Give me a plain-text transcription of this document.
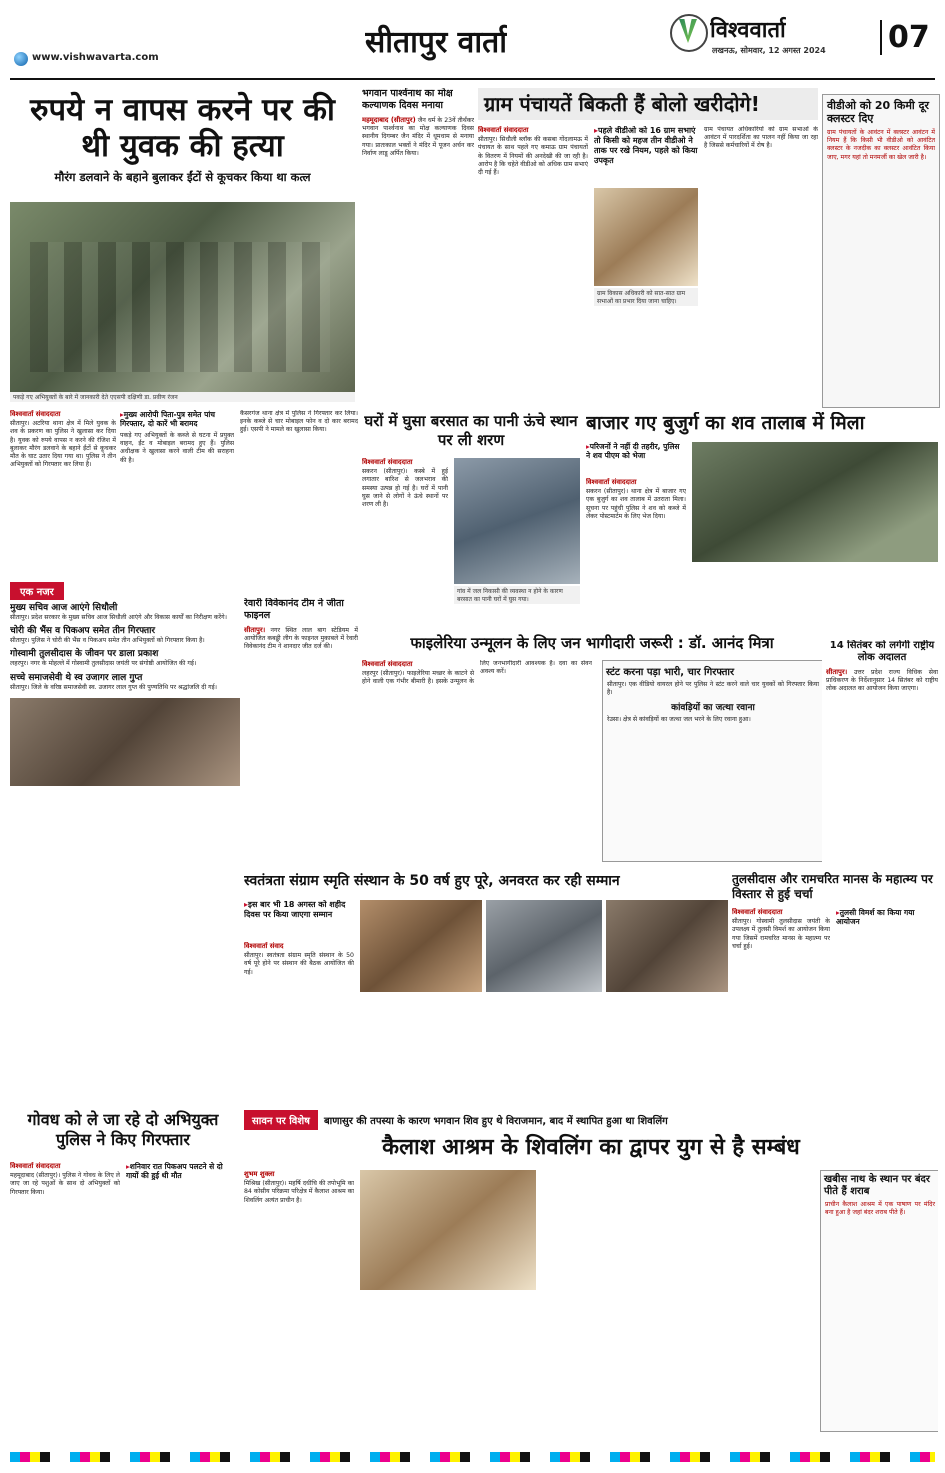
www.vishwavarta.com	सीतापुर वार्ता	विश्ववार्ता
लखनऊ, सोमवार, 12 अगस्त 2024 07
रुपये न वापस करने पर की थी युवक की हत्या
मौरंग डलवाने के बहाने बुलाकर ईंटों से कूचकर किया था कत्ल
पकड़े गए अभियुक्तों के बारे में जानकारी देते एएसपी दक्षिणी डा. प्रवीण रंजन
भगवान पार्श्वनाथ का मोक्ष कल्याणक दिवस मनाया
महमूदाबाद (सीतापुर) जैन धर्म के 23वें तीर्थंकर भगवान पार्श्वनाथ का मोक्ष कल्याणक दिवस स्थानीय दिगम्बर जैन मंदिर में धूमधाम से मनाया गया। प्रातःकाल भक्तों ने मंदिर में पूजन अर्चन कर निर्वाण लाडू अर्पित किया।
ग्राम पंचायतें बिकती हैं बोलो खरीदोगे!
विश्ववार्ता संवाददाता
सीतापुर। सिधौली ब्लॉक की कसबा गोंदलामऊ में पंचायत के साथ पहले गए कमाऊ ग्राम पंचायतों के वितरण में नियमों की अनदेखी की जा रही है। आरोप है कि चहेते वीडीओ को अधिक ग्राम सभाएं दी गई हैं।
▸ पहले वीडीओ को 16 ग्राम सभाएं तो किसी को महज तीन वीडीओ ने ताक पर रखे नियम, पहले को किया उपकृत
ग्राम विकास अधिकारी को सात-सात ग्राम सभाओं का प्रभार दिया जाना चाहिए।
ग्राम पंचायत अधिकारियों को ग्राम सभाओं के आवंटन में पारदर्शिता का पालन नहीं किया जा रहा है जिससे कर्मचारियों में रोष है।
वीडीओ को 20 किमी दूर क्लस्टर दिए
ग्राम पंचायतों के आवंटन में क्लस्टर आवंटन में नियम हैं कि किसी भी वीडीओ को आवंटित क्लस्टर के नजदीक का क्लस्टर आवंटित किया जाए, मगर यहां तो मनमर्जी का खेल जारी है।
विश्ववार्ता संवाददाता
सीतापुर। अटरिया थाना क्षेत्र में मिले युवक के शव के प्रकरण का पुलिस ने खुलासा कर दिया है। युवक को रुपये वापस न करने की रंजिश में बुलाकर मौरंग डलवाने के बहाने ईंटों से कूचकर मौत के घाट उतार दिया गया था। पुलिस ने तीन अभियुक्तों को गिरफ्तार कर लिया है।
▸ मुख्य आरोपी पिता-पुत्र समेत पांच गिरफ्तार, दो कारें भी बरामद
पकड़े गए अभियुक्तों के कब्जे से घटना में प्रयुक्त वाहन, ईंट व मोबाइल बरामद हुए हैं। पुलिस अधीक्षक ने खुलासा करने वाली टीम की सराहना की है।
कैसरगंज थाना क्षेत्र में पुलिस ने गिरफ्तार कर लिया। इनके कब्जे से चार मोबाइल फोन व दो कार बरामद हुई। एसपी ने मामले का खुलासा किया।	घरों में घुसा बरसात का पानी ऊंचे स्थान पर ली शरण
विश्ववार्ता संवाददाता
सकरन (सीतापुर)। कस्बे में हुई लगातार बारिश से जलभराव की समस्या उत्पन्न हो गई है। घरों में पानी घुस जाने से लोगों ने ऊंचे स्थानों पर शरण ली है।
गांव में जल निकासी की व्यवस्था न होने के कारण बरसात का पानी घरों में घुस गया।
बाजार गए बुजुर्ग का शव तालाब में मिला
▸ परिजनों ने नहीं दी तहरीर, पुलिस ने शव पीएम को भेजा
विश्ववार्ता संवाददाता
सकरन (सीतापुर)। थाना क्षेत्र में बाजार गए एक बुजुर्ग का शव तालाब में उतराता मिला। सूचना पर पहुंची पुलिस ने शव को कब्जे में लेकर पोस्टमार्टम के लिए भेज दिया।
एक नजर
मुख्य सचिव आज आएंगे सिधौली
सीतापुर। प्रदेश सरकार के मुख्य सचिव आज सिधौली आएंगे और विकास कार्यों का निरीक्षण करेंगे।
चोरी की भैंस व पिकअप समेत तीन गिरफ्तार
सीतापुर। पुलिस ने चोरी की भैंस व पिकअप समेत तीन अभियुक्तों को गिरफ्तार किया है।
गोस्वामी तुलसीदास के जीवन पर डाला प्रकाश
लहरपुर। नगर के मोहल्ले में गोस्वामी तुलसीदास जयंती पर संगोष्ठी आयोजित की गई।
सच्चे समाजसेवी थे स्व उजागर लाल गुप्त
सीतापुर। जिले के वरिष्ठ समाजसेवी स्व. उजागर लाल गुप्त की पुण्यतिथि पर श्रद्धांजलि दी गई।
रेवारी विवेकानंद टीम ने जीता फाइनल
सीतापुर। नगर स्थित लाल बाग स्टेडियम में आयोजित कबड्डी लीग के फाइनल मुकाबले में रेवारी विवेकानंद टीम ने शानदार जीत दर्ज की।	फाइलेरिया उन्मूलन के लिए जन भागीदारी जरूरी : डॉ. आनंद मित्रा
विश्ववार्ता संवाददाता
लहरपुर (सीतापुर)। फाइलेरिया मच्छर के काटने से होने वाली एक गंभीर बीमारी है। इसके उन्मूलन के लिए जनभागीदारी आवश्यक है। दवा का सेवन अवश्य करें।	स्टंट करना पड़ा भारी, चार गिरफ्तार
सीतापुर। एक वीडियो वायरल होने पर पुलिस ने स्टंट करने वाले चार युवकों को गिरफ्तार किया है।
कांवड़ियों का जत्था रवाना
रेउसा। क्षेत्र से कांवड़ियों का जत्था जल भरने के लिए रवाना हुआ।
14 सितंबर को लगेगी राष्ट्रीय लोक अदालत
सीतापुर। उत्तर प्रदेश राज्य विधिक सेवा प्राधिकरण के निर्देशानुसार 14 सितंबर को राष्ट्रीय लोक अदालत का आयोजन किया जाएगा।
स्वतंत्रता संग्राम स्मृति संस्थान के 50 वर्ष हुए पूरे, अनवरत कर रही सम्मान
▸ इस बार भी 18 अगस्त को शहीद दिवस पर किया जाएगा सम्मान
विश्ववार्ता संवाद
सीतापुर। स्वतंत्रता संग्राम स्मृति संस्थान के 50 वर्ष पूरे होने पर संस्थान की बैठक आयोजित की गई।
तुलसीदास और रामचरित मानस के महात्म्य पर विस्तार से हुई चर्चा
▸ तुलसी विमर्श का किया गया आयोजन
विश्ववार्ता संवाददाता
सीतापुर। गोस्वामी तुलसीदास जयंती के उपलक्ष्य में तुलसी विमर्श का आयोजन किया गया जिसमें रामचरित मानस के महात्म्य पर चर्चा हुई।
गोवध को ले जा रहे दो अभियुक्त पुलिस ने किए गिरफ्तार
विश्ववार्ता संवाददाता
महमूदाबाद (सीतापुर)। पुलिस ने गोवध के लिए ले जाए जा रहे पशुओं के साथ दो अभियुक्तों को गिरफ्तार किया।
▸ शनिवार रात पिकअप पलटने से दो गायों की हुई थी मौत
सावन पर विशेष	बाणासुर की तपस्या के कारण भगवान शिव हुए थे विराजमान, बाद में स्थापित हुआ था शिवलिंग
कैलाश आश्रम के शिवलिंग का द्वापर युग से है सम्बंध
शुभम शुक्ला
मिश्रिख (सीतापुर)। महर्षि दधीचि की तपोभूमि का 84 कोसीय परिक्रमा परिक्षेत्र में कैलाश आश्रम का शिवलिंग अत्यंत प्राचीन है।
खबीस नाथ के स्थान पर बंदर पीते हैं शराब
प्राचीन कैलाश आश्रम में एक पाषाण पर मंदिर बना हुआ है जहां बंदर शराब पीते हैं।
